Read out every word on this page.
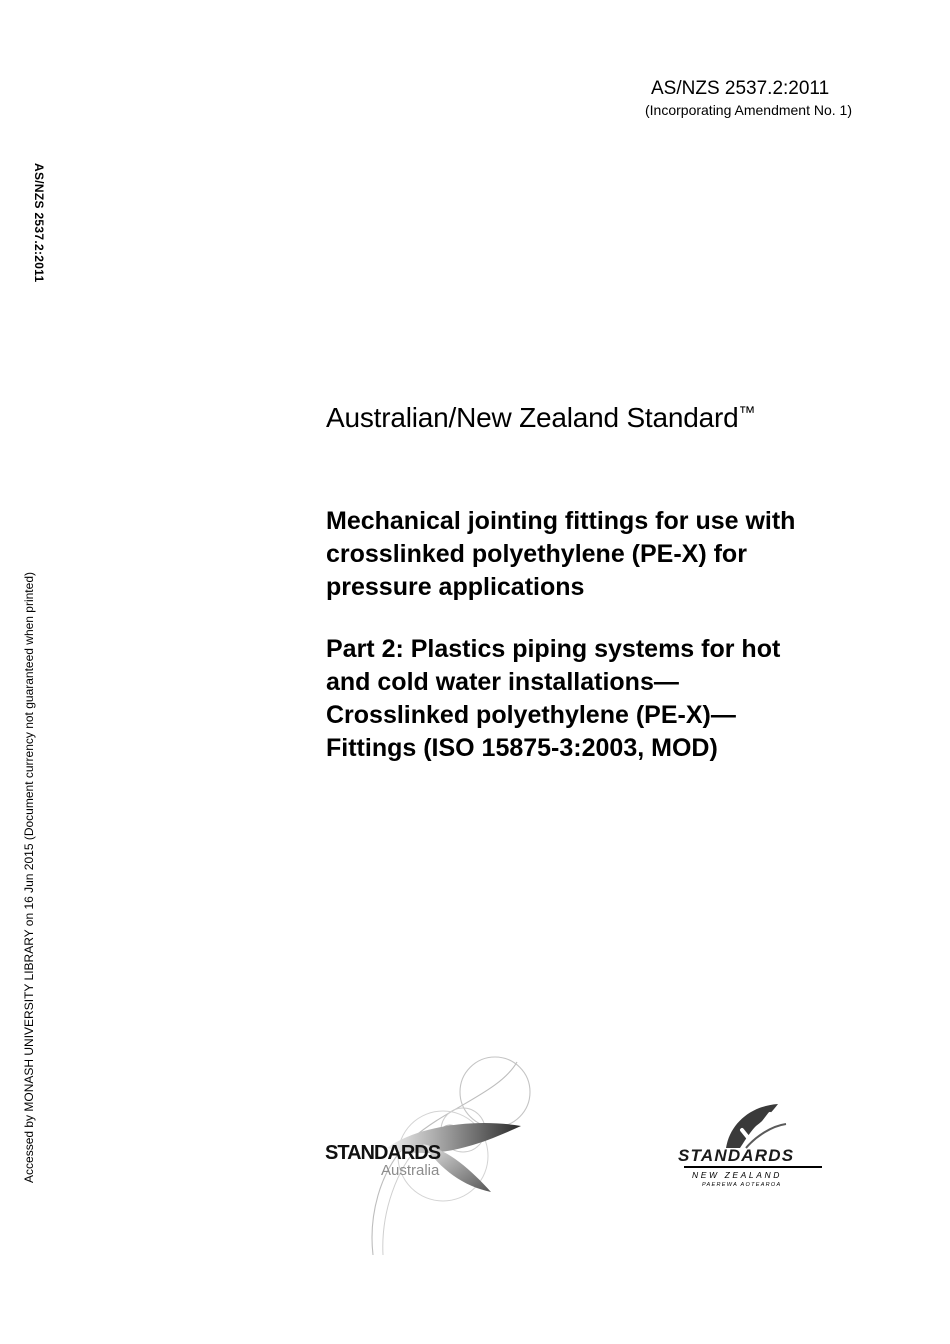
AS/NZS 2537.2:2011
(Incorporating Amendment No. 1)
AS/NZS 2537.2:2011
Accessed by MONASH UNIVERSITY LIBRARY on 16 Jun 2015 (Document currency not guaranteed when printed)
Australian/New Zealand Standard™
Mechanical jointing fittings for use with
crosslinked polyethylene (PE-X) for
pressure applications
Part 2: Plastics piping systems for hot
and cold water installations—
Crosslinked polyethylene (PE-X)—
Fittings (ISO 15875-3:2003, MOD)
STANDARDS
Australia
STANDARDS
NEW ZEALAND
PAEREWA AOTEAROA
